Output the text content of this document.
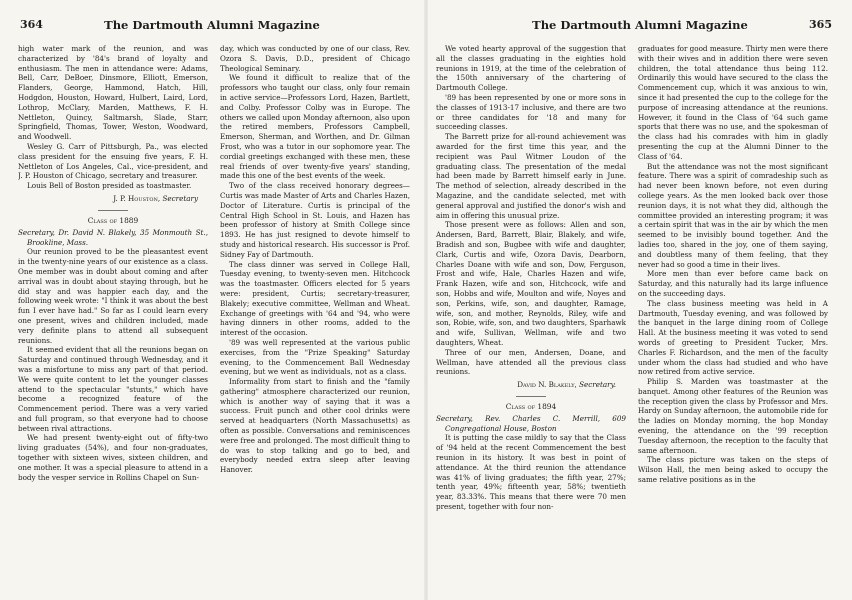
364	The Dartmouth Alumni Magazine

high water mark of the reunion, and was characterized by '84's brand of loyalty and enthusiasm. The men in attendance were: Adams, Bell, Carr, DeBoer, Dinsmore, Elliott, Emerson, Flanders, George, Hammond, Hatch, Hill, Hodgdon, Houston, Howard, Hulbert, Laird, Lord, Lothrop, McClary, Marden, Matthews, F. H. Nettleton, Quincy, Saltmarsh, Slade, Starr, Springfield, Thomas, Tower, Weston, Woodward, and Woodwell.

Wesley G. Carr of Pittsburgh, Pa., was elected class president for the ensuing five years, F. H. Nettleton of Los Angeles, Cal., vice-president, and J. P. Houston of Chicago, secretary and treasurer.

Louis Bell of Boston presided as toastmaster.

J. P. Houston, Secretary

Class of 1889

Secretary, Dr. David N. Blakely, 35 Monmouth St., Brookline, Mass.

Our reunion proved to be the pleasantest event in the twenty-nine years of our existence as a class. One member was in doubt about coming and after arrival was in doubt about staying through, but he did stay and was happier each day, and the following week wrote: "I think it was about the best fun I ever have had." So far as I could learn every one present, wives and children included, made very definite plans to attend all subsequent reunions.

It seemed evident that all the reunions began on Saturday and continued through Wednesday, and it was a misfortune to miss any part of that period. We were quite content to let the younger classes attend to the spectacular "stunts," which have become a recognized feature of the Commencement period. There was a very varied and full program, so that everyone had to choose between rival attractions.

We had present twenty-eight out of fifty-two living graduates (54%), and four non-graduates, together with sixteen wives, sixteen children, and one mother. It was a special pleasure to attend in a body the vesper service in Rollins Chapel on Sun-

day, which was conducted by one of our class, Rev. Ozora S. Davis, D.D., president of Chicago Theological Seminary.

We found it difficult to realize that of the professors who taught our class, only four remain in active service—Professors Lord, Hazen, Bartlett, and Colby. Professor Colby was in Europe. The others we called upon Monday afternoon, also upon the retired members, Professors Campbell, Emerson, Sherman, and Worthen, and Dr. Gilman Frost, who was a tutor in our sophomore year. The cordial greetings exchanged with these men, these real friends of over twenty-five years' standing, made this one of the best events of the week.

Two of the class received honorary degrees—Curtis was made Master of Arts and Charles Hazen, Doctor of Literature. Curtis is principal of the Central High School in St. Louis, and Hazen has been professor of history at Smith College since 1893. He has just resigned to devote himself to study and historical research. His successor is Prof. Sidney Fay of Dartmouth.

The class dinner was served in College Hall, Tuesday evening, to twenty-seven men. Hitchcock was the toastmaster. Officers elected for 5 years were: president, Curtis; secretary-treasurer, Blakely; executive committee, Wellman and Wheat. Exchange of greetings with '64 and '94, who were having dinners in other rooms, added to the interest of the occasion.

'89 was well represented at the various public exercises, from the "Prize Speaking" Saturday evening, to the Commencement Ball Wednesday evening, but we went as individuals, not as a class.

Informality from start to finish and the "family gathering" atmosphere characterized our reunion, which is another way of saying that it was a success. Fruit punch and other cool drinks were served at headquarters (North Massachusetts) as often as possible. Conversations and reminiscences were free and prolonged. The most difficult thing to do was to stop talking and go to bed, and everybody needed extra sleep after leaving Hanover.

The Dartmouth Alumni Magazine	365

We voted hearty approval of the suggestion that all the classes graduating in the eighties hold reunions in 1919, at the time of the celebration of the 150th anniversary of the chartering of Dartmouth College.

'89 has been represented by one or more sons in the classes of 1913-17 inclusive, and there are two or three candidates for '18 and many for succeeding classes.

The Barrett prize for all-round achievement was awarded for the first time this year, and the recipient was Paul Witmer Loudon of the graduating class. The presentation of the medal had been made by Barrett himself early in June. The method of selection, already described in the Magazine, and the candidate selected, met with general approval and justified the donor's wish and aim in offering this unusual prize.

Those present were as follows: Allen and son, Andersen, Bard, Barrett, Blair, Blakely, and wife, Bradish and son, Bugbee with wife and daughter, Clark, Curtis and wife, Ozora Davis, Dearborn, Charles Doane with wife and son, Dow, Ferguson, Frost and wife, Hale, Charles Hazen and wife, Frank Hazen, wife and son, Hitchcock, wife and son, Hobbs and wife, Moulton and wife, Noyes and son, Perkins, wife, son, and daughter, Ramage, wife, son, and mother, Reynolds, Riley, wife and son, Robie, wife, son, and two daughters, Sparhawk and wife, Sullivan, Wellman, wife and two daughters, Wheat.

Three of our men, Andersen, Doane, and Wellman, have attended all the previous class reunions.

David N. Blakely, Secretary.

Class of 1894

Secretary, Rev. Charles C. Merrill, 609 Congregational House, Boston

It is putting the case mildly to say that the Class of '94 held at the recent Commencement the best reunion in its history. It was best in point of attendance. At the third reunion the attendance was 41% of living graduates; the fifth year, 27%; tenth year, 49%; fifteenth year, 58%; twentieth year, 83.33%. This means that there were 70 men present, together with four non-

graduates for good measure. Thirty men were there with their wives and in addition there were seven children, the total attendance thus being 112. Ordinarily this would have secured to the class the Commencement cup, which it was anxious to win, since it had presented the cup to the college for the purpose of increasing attendance at the reunions. However, it found in the Class of '64 such game sports that there was no use, and the spokesman of the class had his comrades with him in gladly presenting the cup at the Alumni Dinner to the Class of '64.

But the attendance was not the most significant feature. There was a spirit of comradeship such as had never been known before, not even during college years. As the men looked back over those reunion days, it is not what they did, although the committee provided an interesting program; it was a certain spirit that was in the air by which the men seemed to be invisibly bound together. And the ladies too, shared in the joy, one of them saying, and doubtless many of them feeling, that they never had so good a time in their lives.

More men than ever before came back on Saturday, and this naturally had its large influence on the succeeding days.

The class business meeting was held in A Dartmouth, Tuesday evening, and was followed by the banquet in the large dining room of College Hall. At the business meeting it was voted to send words of greeting to President Tucker, Mrs. Charles F. Richardson, and the men of the faculty under whom the class had studied and who have now retired from active service.

Philip S. Marden was toastmaster at the banquet. Among other features of the Reunion was the reception given the class by Professor and Mrs. Hardy on Sunday afternoon, the automobile ride for the ladies on Monday morning, the hop Monday evening, the attendance on the '99 reception Tuesday afternoon, the reception to the faculty that same afternoon.

The class picture was taken on the steps of Wilson Hall, the men being asked to occupy the same relative positions as in the
